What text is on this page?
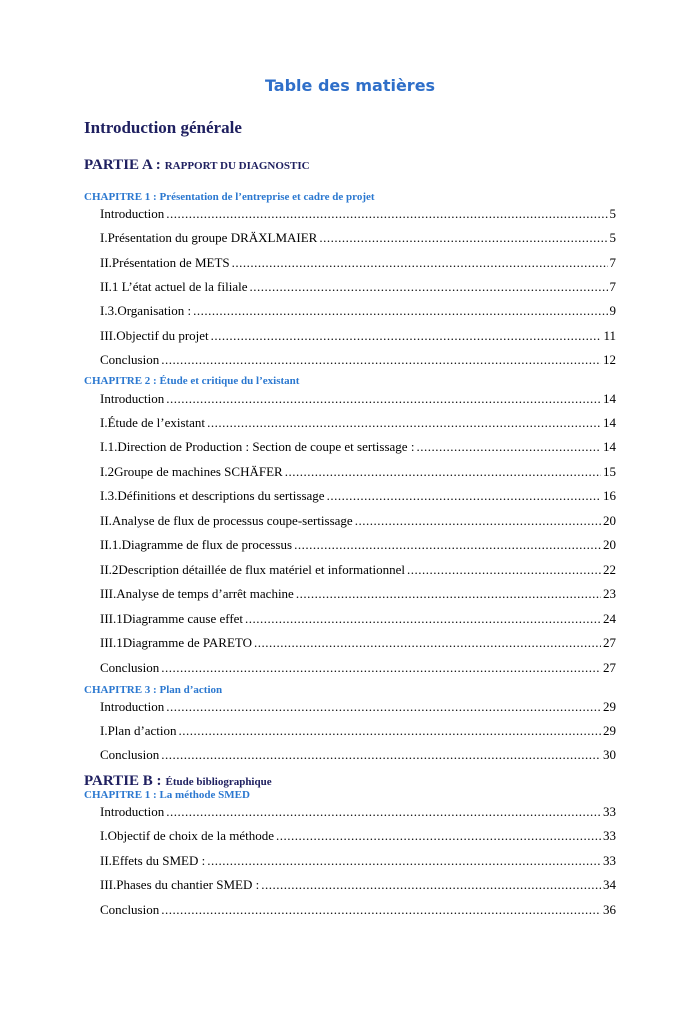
Table des matières
Introduction générale
PARTIE A : RAPPORT DU DIAGNOSTIC
CHAPITRE 1 : Présentation de l’entreprise et cadre de projet
Introduction .....	5
I.Présentation du groupe DRÄXLMAIER .....	5
II.Présentation de METS .....	7
II.1 L’état actuel de la filiale .....	7
I.3.Organisation : .....	9
III.Objectif du projet .....	11
Conclusion .....	12
CHAPITRE 2 : Étude et critique du l’existant
Introduction .....	14
I.Étude de l’existant .....	14
I.1.Direction de Production : Section de coupe et sertissage : .....	14
I.2Groupe de machines SCHÄFER .....	15
I.3.Définitions et descriptions du sertissage .....	16
II.Analyse de flux de processus coupe-sertissage .....	20
II.1.Diagramme de flux de processus .....	20
II.2Description détaillée de flux matériel et informationnel .....	22
III.Analyse de temps d’arrêt machine .....	23
III.1Diagramme cause effet .....	24
III.1Diagramme de PARETO .....	27
Conclusion .....	27
CHAPITRE 3 : Plan d’action
Introduction .....	29
I.Plan d’action .....	29
Conclusion .....	30
PARTIE B : Étude bibliographique
CHAPITRE 1 : La méthode SMED
Introduction .....	33
I.Objectif de choix de la méthode .....	33
II.Effets du SMED : .....	33
III.Phases du chantier SMED : .....	34
Conclusion .....	36
